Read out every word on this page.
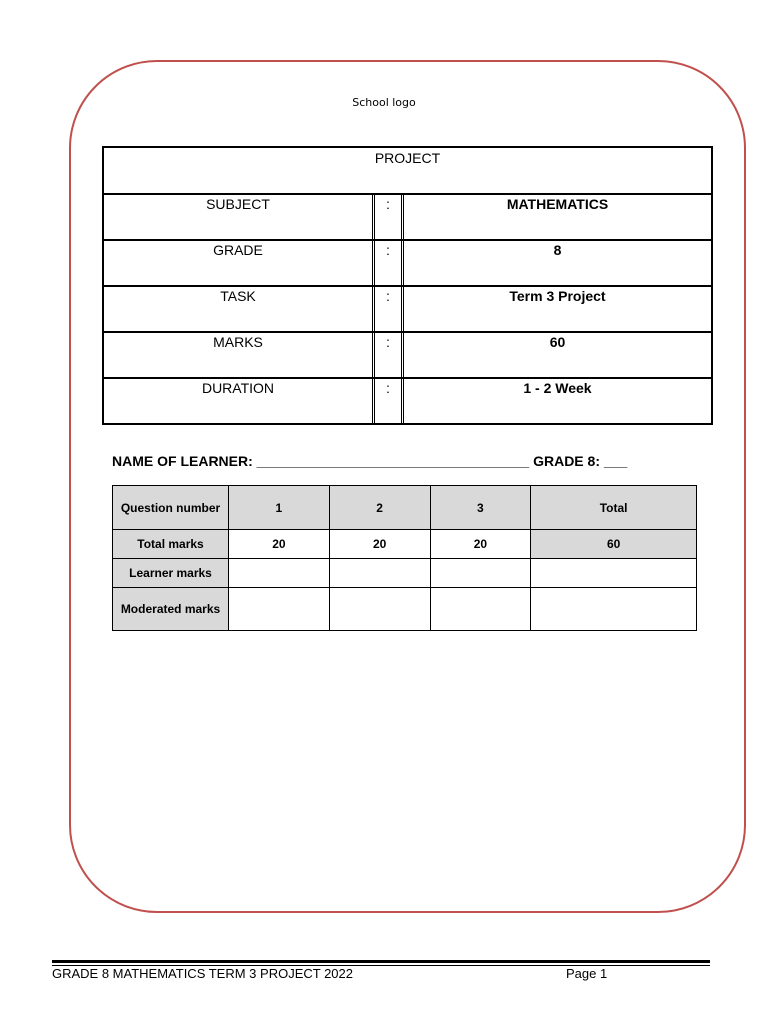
School logo
PROJECT
SUBJECT	:	MATHEMATICS
GRADE	:	8
TASK	:	Term 3 Project
MARKS	:	60
DURATION	:	1 - 2 Week
NAME OF LEARNER: ___________________________________ GRADE 8: ___
Question number	1	2	3	Total
Total marks	20	20	20	60
Learner marks				
Moderated marks				
GRADE 8 MATHEMATICS TERM 3 PROJECT 2022	Page 1
